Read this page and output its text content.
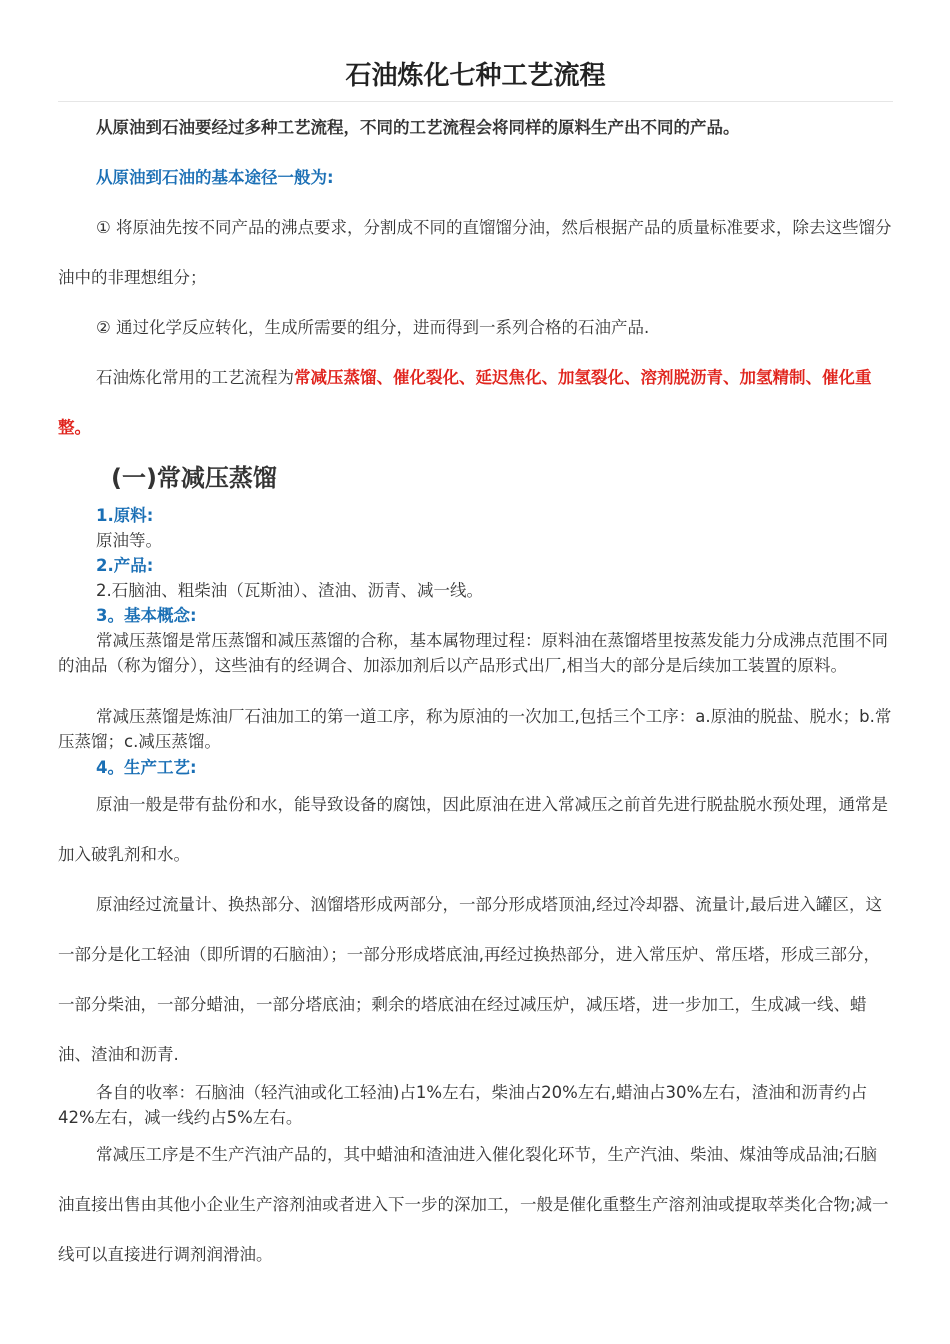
石油炼化七种工艺流程

从原油到石油要经过多种工艺流程，不同的工艺流程会将同样的原料生产出不同的产品。

从原油到石油的基本途径一般为:

① 将原油先按不同产品的沸点要求，分割成不同的直馏馏分油，然后根据产品的质量标准要求，除去这些馏分油中的非理想组分；

② 通过化学反应转化，生成所需要的组分，进而得到一系列合格的石油产品.

石油炼化常用的工艺流程为常减压蒸馏、催化裂化、延迟焦化、加氢裂化、溶剂脱沥青、加氢精制、催化重整。

(一)常减压蒸馏
1.原料:
原油等。
2.产品:
2.石脑油、粗柴油（瓦斯油）、渣油、沥青、减一线。
3。基本概念:

常减压蒸馏是常压蒸馏和减压蒸馏的合称，基本属物理过程：原料油在蒸馏塔里按蒸发能力分成沸点范围不同的油品（称为馏分），这些油有的经调合、加添加剂后以产品形式出厂,相当大的部分是后续加工装置的原料。

常减压蒸馏是炼油厂石油加工的第一道工序，称为原油的一次加工,包括三个工序：a.原油的脱盐、脱水；b.常压蒸馏；c.减压蒸馏。

4。生产工艺:

原油一般是带有盐份和水，能导致设备的腐蚀，因此原油在进入常减压之前首先进行脱盐脱水预处理，通常是加入破乳剂和水。

原油经过流量计、换热部分、汹馏塔形成两部分，一部分形成塔顶油,经过冷却器、流量计,最后进入罐区，这一部分是化工轻油（即所谓的石脑油）；一部分形成塔底油,再经过换热部分，进入常压炉、常压塔，形成三部分，一部分柴油，一部分蜡油，一部分塔底油；剩余的塔底油在经过减压炉，减压塔，进一步加工，生成减一线、蜡油、渣油和沥青.

各自的收率：石脑油（轻汽油或化工轻油)占1%左右，柴油占20%左右,蜡油占30%左右，渣油和沥青约占42%左右，减一线约占5%左右。

常减压工序是不生产汽油产品的，其中蜡油和渣油进入催化裂化环节，生产汽油、柴油、煤油等成品油;石脑油直接出售由其他小企业生产溶剂油或者进入下一步的深加工，一般是催化重整生产溶剂油或提取萃类化合物;减一线可以直接进行调剂润滑油。
